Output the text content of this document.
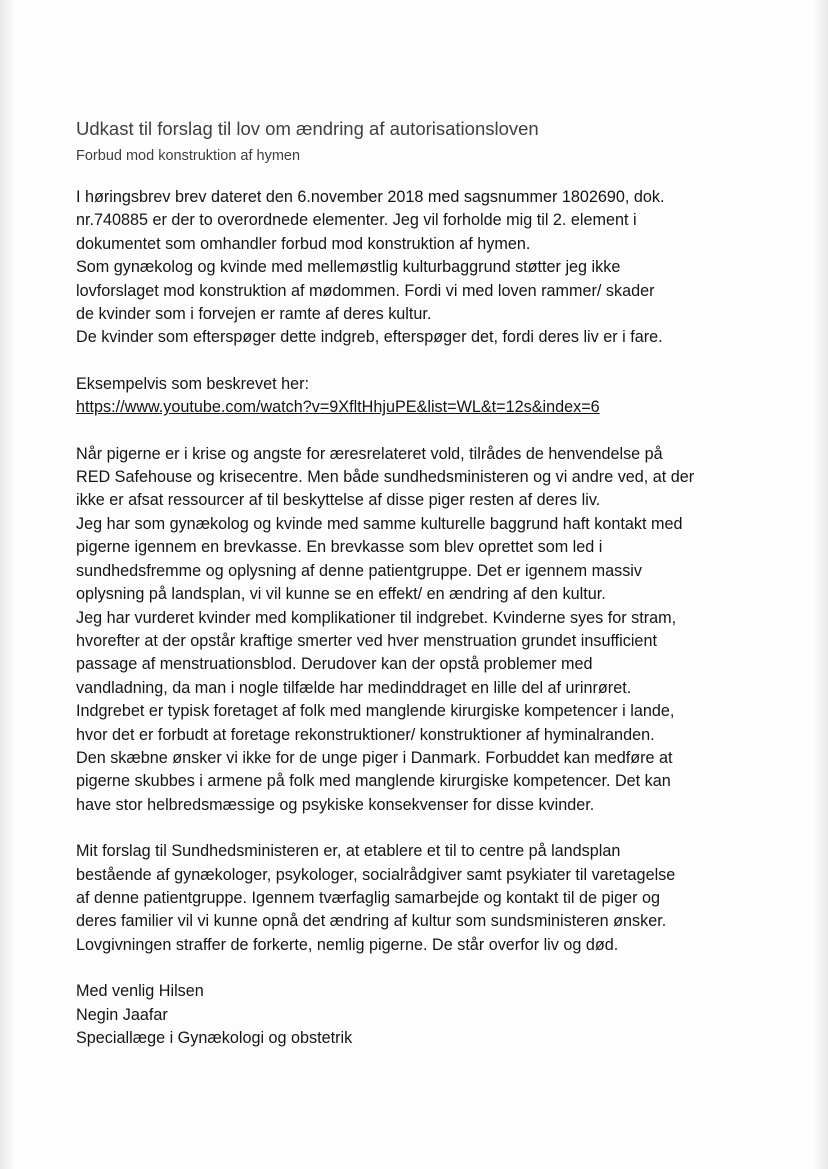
Udkast til forslag til lov om ændring af autorisationsloven

Forbud mod konstruktion af hymen

I høringsbrev brev dateret den 6.november 2018 med sagsnummer 1802690, dok.
nr.740885 er der to overordnede elementer. Jeg vil forholde mig til 2. element i
dokumentet som omhandler forbud mod konstruktion af hymen.
Som gynækolog og kvinde med mellemøstlig kulturbaggrund støtter jeg ikke
lovforslaget mod konstruktion af mødommen. Fordi vi med loven rammer/ skader
de kvinder som i forvejen er ramte af deres kultur.
De kvinder som efterspøger dette indgreb, efterspøger det, fordi deres liv er i fare.

Eksempelvis som beskrevet her:
https://www.youtube.com/watch?v=9XfltHhjuPE&list=WL&t=12s&index=6

Når pigerne er i krise og angste for æresrelateret vold, tilrådes de henvendelse på
RED Safehouse og krisecentre. Men både sundhedsministeren og vi andre ved, at der
ikke er afsat ressourcer af til beskyttelse af disse piger resten af deres liv.
Jeg har som gynækolog og kvinde med samme kulturelle baggrund haft kontakt med
pigerne igennem en brevkasse. En brevkasse som blev oprettet som led i
sundhedsfremme og oplysning af denne patientgruppe. Det er igennem massiv
oplysning på landsplan, vi vil kunne se en effekt/ en ændring af den kultur.
Jeg har vurderet kvinder med komplikationer til indgrebet. Kvinderne syes for stram,
hvorefter at der opstår kraftige smerter ved hver menstruation grundet insufficient
passage af menstruationsblod. Derudover kan der opstå problemer med
vandladning, da man i nogle tilfælde har medinddraget en lille del af urinrøret.
Indgrebet er typisk foretaget af folk med manglende kirurgiske kompetencer i lande,
hvor det er forbudt at foretage rekonstruktioner/ konstruktioner af hyminalranden.
Den skæbne ønsker vi ikke for de unge piger i Danmark. Forbuddet kan medføre at
pigerne skubbes i armene på folk med manglende kirurgiske kompetencer. Det kan
have stor helbredsmæssige og psykiske konsekvenser for disse kvinder.

Mit forslag til Sundhedsministeren er, at etablere et til to centre på landsplan
bestående af gynækologer, psykologer, socialrådgiver samt psykiater til varetagelse
af denne patientgruppe. Igennem tværfaglig samarbejde og kontakt til de piger og
deres familier vil vi kunne opnå det ændring af kultur som sundsministeren ønsker.
Lovgivningen straffer de forkerte, nemlig pigerne. De står overfor liv og død.

Med venlig Hilsen
Negin Jaafar
Speciallæge i Gynækologi og obstetrik
